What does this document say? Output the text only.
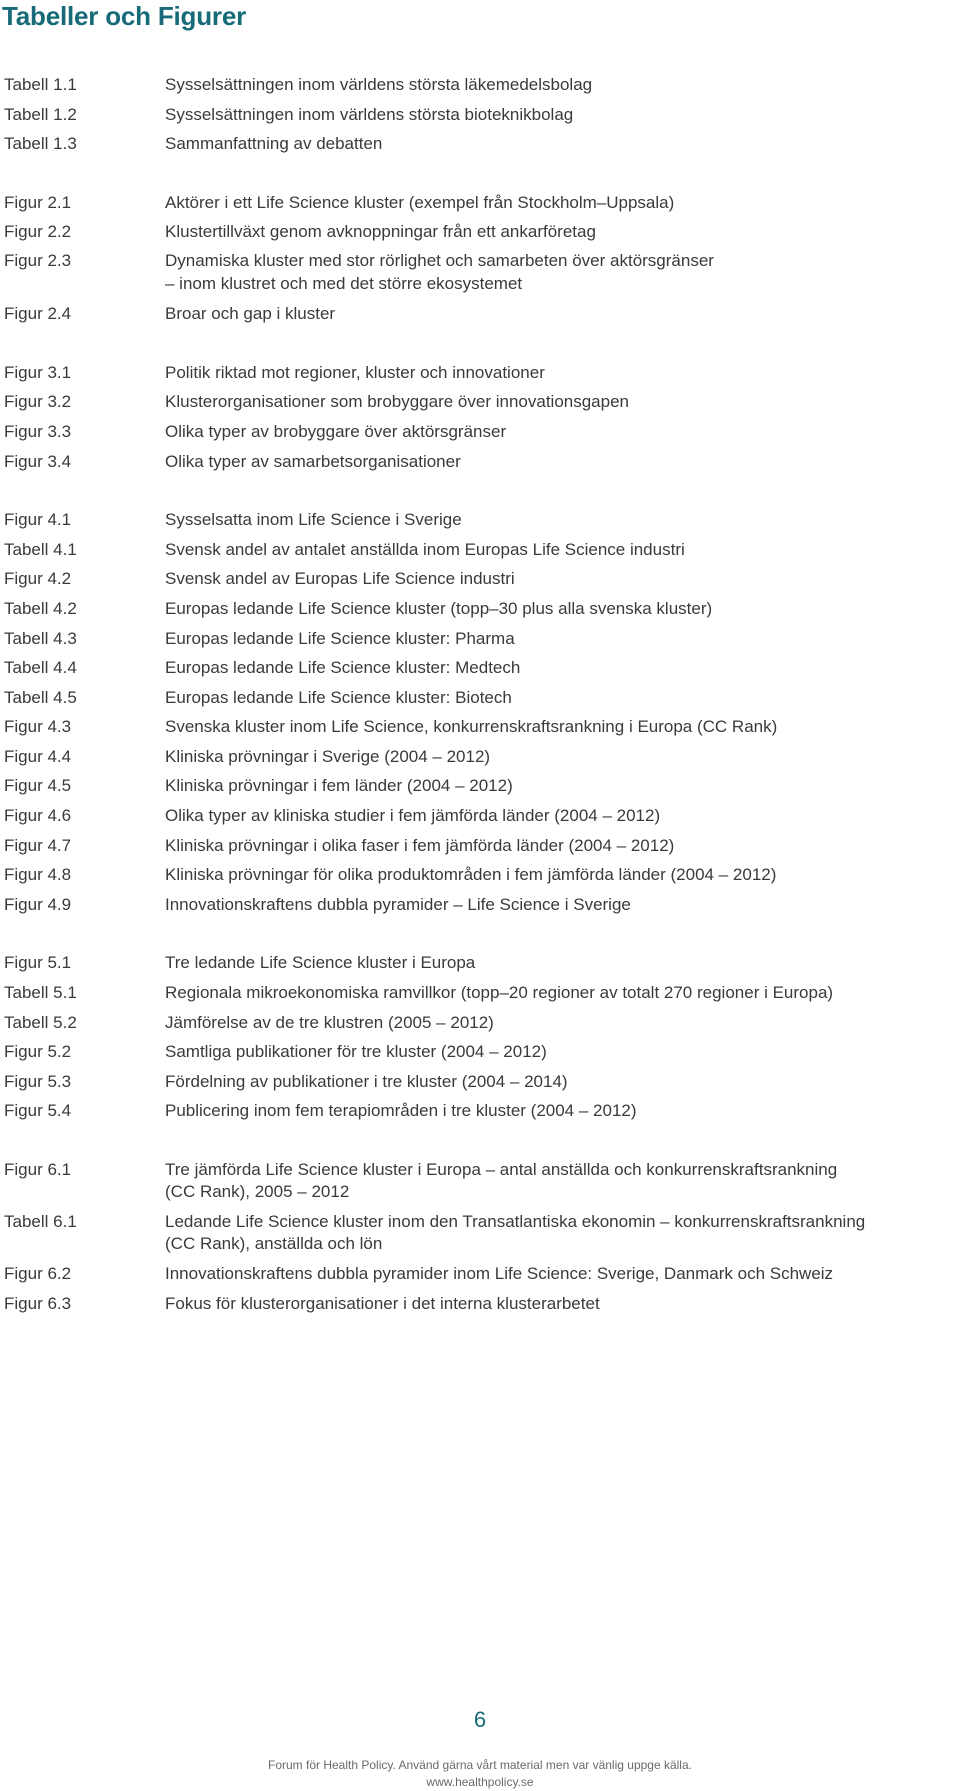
Tabeller och Figurer
Tabell 1.1	Sysselsättningen inom världens största läkemedelsbolag
Tabell 1.2	Sysselsättningen inom världens största bioteknikbolag
Tabell 1.3	Sammanfattning av debatten
Figur 2.1	Aktörer i ett Life Science kluster (exempel från Stockholm–Uppsala)
Figur 2.2	Klustertillväxt genom avknoppningar från ett ankarföretag
Figur 2.3	Dynamiska kluster med stor rörlighet och samarbeten över aktörsgränser
– inom klustret och med det större ekosystemet
Figur 2.4	Broar och gap i kluster
Figur 3.1	Politik riktad mot regioner, kluster och innovationer
Figur 3.2	Klusterorganisationer som brobyggare över innovationsgapen
Figur 3.3	Olika typer av brobyggare över aktörsgränser
Figur 3.4	Olika typer av samarbetsorganisationer
Figur 4.1	Sysselsatta inom Life Science i Sverige
Tabell 4.1	Svensk andel av antalet anställda inom Europas Life Science industri
Figur 4.2	Svensk andel av Europas Life Science industri
Tabell 4.2	Europas ledande Life Science kluster (topp–30 plus alla svenska kluster)
Tabell 4.3	Europas ledande Life Science kluster: Pharma
Tabell 4.4	Europas ledande Life Science kluster: Medtech
Tabell 4.5	Europas ledande Life Science kluster: Biotech
Figur 4.3	Svenska kluster inom Life Science, konkurrenskraftsrankning i Europa (CC Rank)
Figur 4.4	Kliniska prövningar i Sverige (2004 – 2012)
Figur 4.5	Kliniska prövningar i fem länder (2004 – 2012)
Figur 4.6	Olika typer av kliniska studier i fem jämförda länder (2004 – 2012)
Figur 4.7	Kliniska prövningar i olika faser i fem jämförda länder (2004 – 2012)
Figur 4.8	Kliniska prövningar för olika produktområden i fem jämförda länder (2004 – 2012)
Figur 4.9	Innovationskraftens dubbla pyramider – Life Science i Sverige
Figur 5.1	Tre ledande Life Science kluster i Europa
Tabell 5.1	Regionala mikroekonomiska ramvillkor (topp–20 regioner av totalt 270 regioner i Europa)
Tabell 5.2	Jämförelse av de tre klustren (2005 – 2012)
Figur 5.2	Samtliga publikationer för tre kluster (2004 – 2012)
Figur 5.3	Fördelning av publikationer i tre kluster (2004 – 2014)
Figur 5.4	Publicering inom fem terapiområden i tre kluster (2004 – 2012)
Figur 6.1	Tre jämförda Life Science kluster i Europa – antal anställda och konkurrenskraftsrankning
(CC Rank), 2005 – 2012
Tabell 6.1	Ledande Life Science kluster inom den Transatlantiska ekonomin – konkurrenskraftsrankning
(CC Rank), anställda och lön
Figur 6.2	Innovationskraftens dubbla pyramider inom Life Science: Sverige, Danmark och Schweiz
Figur 6.3	Fokus för klusterorganisationer i det interna klusterarbetet
6
Forum för Health Policy. Använd gärna vårt material men var vänlig uppge källa.
www.healthpolicy.se
